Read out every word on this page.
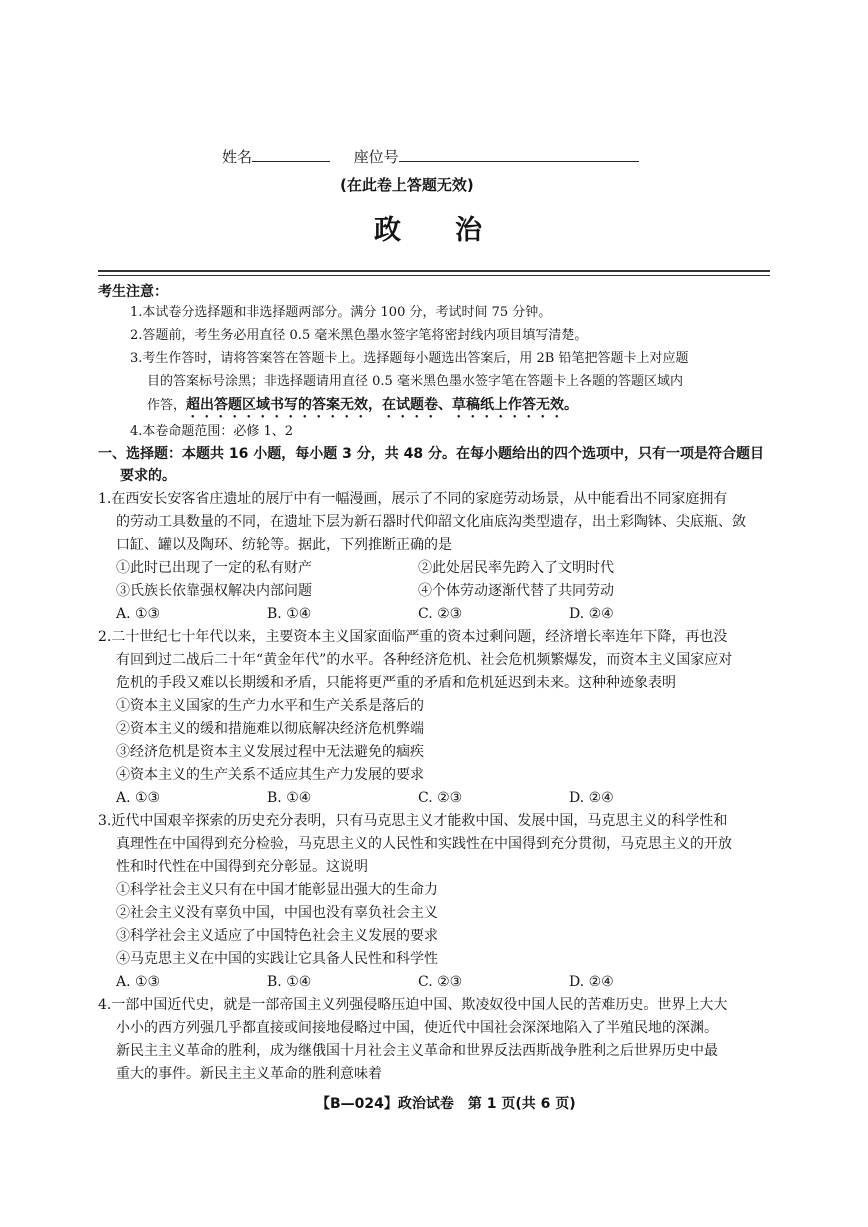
姓名	座位号
(在此卷上答题无效)
政　　治
考生注意：
1.本试卷分选择题和非选择题两部分。满分 100 分，考试时间 75 分钟。
2.答题前，考生务必用直径 0.5 毫米黑色墨水签字笔将密封线内项目填写清楚。
3.考生作答时，请将答案答在答题卡上。选择题每小题选出答案后，用 2B 铅笔把答题卡上对应题
目的答案标号涂黑；非选择题请用直径 0.5 毫米黑色墨水签字笔在答题卡上各题的答题区域内
作答，超出答题区域书写的答案无效，在试题卷、草稿纸上作答无效。
4.本卷命题范围：必修 1、2
一、选择题：本题共 16 小题，每小题 3 分，共 48 分。在每小题给出的四个选项中，只有一项是符合题目
要求的。
1.在西安长安客省庄遗址的展厅中有一幅漫画，展示了不同的家庭劳动场景，从中能看出不同家庭拥有
的劳动工具数量的不同，在遗址下层为新石器时代仰韶文化庙底沟类型遗存，出土彩陶钵、尖底瓶、敛
口缸、罐以及陶环、纺轮等。据此，下列推断正确的是
①此时已出现了一定的私有财产	②此处居民率先跨入了文明时代
③氏族长依靠强权解决内部问题	④个体劳动逐渐代替了共同劳动
A. ①③	B. ①④	C. ②③	D. ②④
2.二十世纪七十年代以来，主要资本主义国家面临严重的资本过剩问题，经济增长率连年下降，再也没
有回到过二战后二十年“黄金年代”的水平。各种经济危机、社会危机频繁爆发，而资本主义国家应对
危机的手段又难以长期缓和矛盾，只能将更严重的矛盾和危机延迟到未来。这种种迹象表明
①资本主义国家的生产力水平和生产关系是落后的
②资本主义的缓和措施难以彻底解决经济危机弊端
③经济危机是资本主义发展过程中无法避免的痼疾
④资本主义的生产关系不适应其生产力发展的要求
A. ①③	B. ①④	C. ②③	D. ②④
3.近代中国艰辛探索的历史充分表明，只有马克思主义才能救中国、发展中国，马克思主义的科学性和
真理性在中国得到充分检验，马克思主义的人民性和实践性在中国得到充分贯彻，马克思主义的开放
性和时代性在中国得到充分彰显。这说明
①科学社会主义只有在中国才能彰显出强大的生命力
②社会主义没有辜负中国，中国也没有辜负社会主义
③科学社会主义适应了中国特色社会主义发展的要求
④马克思主义在中国的实践让它具备人民性和科学性
A. ①③	B. ①④	C. ②③	D. ②④
4.一部中国近代史，就是一部帝国主义列强侵略压迫中国、欺凌奴役中国人民的苦难历史。世界上大大
小小的西方列强几乎都直接或间接地侵略过中国，使近代中国社会深深地陷入了半殖民地的深渊。
新民主主义革命的胜利，成为继俄国十月社会主义革命和世界反法西斯战争胜利之后世界历史中最
重大的事件。新民主主义革命的胜利意味着
【B—024】政治试卷　第 1 页(共 6 页)
